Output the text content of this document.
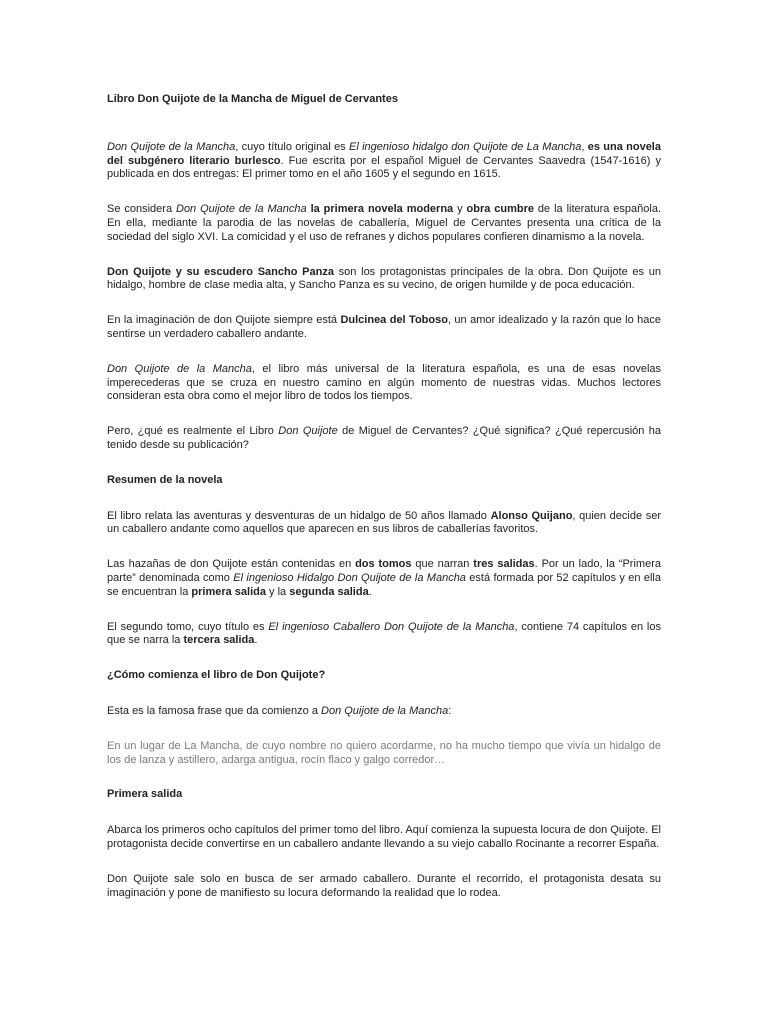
Libro Don Quijote de la Mancha de Miguel de Cervantes

Don Quijote de la Mancha, cuyo título original es El ingenioso hidalgo don Quijote de La Mancha, es una novela del subgénero literario burlesco. Fue escrita por el español Miguel de Cervantes Saavedra (1547-1616) y publicada en dos entregas: El primer tomo en el año 1605 y el segundo en 1615.

Se considera Don Quijote de la Mancha la primera novela moderna y obra cumbre de la literatura española. En ella, mediante la parodia de las novelas de caballería, Miguel de Cervantes presenta una crítica de la sociedad del siglo XVI. La comicidad y el uso de refranes y dichos populares confieren dinamismo a la novela.

Don Quijote y su escudero Sancho Panza son los protagonistas principales de la obra. Don Quijote es un hidalgo, hombre de clase media alta, y Sancho Panza es su vecino, de origen humilde y de poca educación.

En la imaginación de don Quijote siempre está Dulcinea del Toboso, un amor idealizado y la razón que lo hace sentirse un verdadero caballero andante.

Don Quijote de la Mancha, el libro más universal de la literatura española, es una de esas novelas imperecederas que se cruza en nuestro camino en algún momento de nuestras vidas. Muchos lectores consideran esta obra como el mejor libro de todos los tiempos.

Pero, ¿qué es realmente el Libro Don Quijote de Miguel de Cervantes? ¿Qué significa? ¿Qué repercusión ha tenido desde su publicación?

Resumen de la novela

El libro relata las aventuras y desventuras de un hidalgo de 50 años llamado Alonso Quijano, quien decide ser un caballero andante como aquellos que aparecen en sus libros de caballerías favoritos.

Las hazañas de don Quijote están contenidas en dos tomos que narran tres salidas. Por un lado, la “Primera parte” denominada como El ingenioso Hidalgo Don Quijote de la Mancha está formada por 52 capítulos y en ella se encuentran la primera salida y la segunda salida.

El segundo tomo, cuyo título es El ingenioso Caballero Don Quijote de la Mancha, contiene 74 capítulos en los que se narra la tercera salida.

¿Cómo comienza el libro de Don Quijote?

Esta es la famosa frase que da comienzo a Don Quijote de la Mancha:

En un lugar de La Mancha, de cuyo nombre no quiero acordarme, no ha mucho tiempo que vivía un hidalgo de los de lanza y astillero, adarga antigua, rocín flaco y galgo corredor…

Primera salida

Abarca los primeros ocho capítulos del primer tomo del libro. Aquí comienza la supuesta locura de don Quijote. El protagonista decide convertirse en un caballero andante llevando a su viejo caballo Rocinante a recorrer España.

Don Quijote sale solo en busca de ser armado caballero. Durante el recorrido, el protagonista desata su imaginación y pone de manifiesto su locura deformando la realidad que lo rodea.
